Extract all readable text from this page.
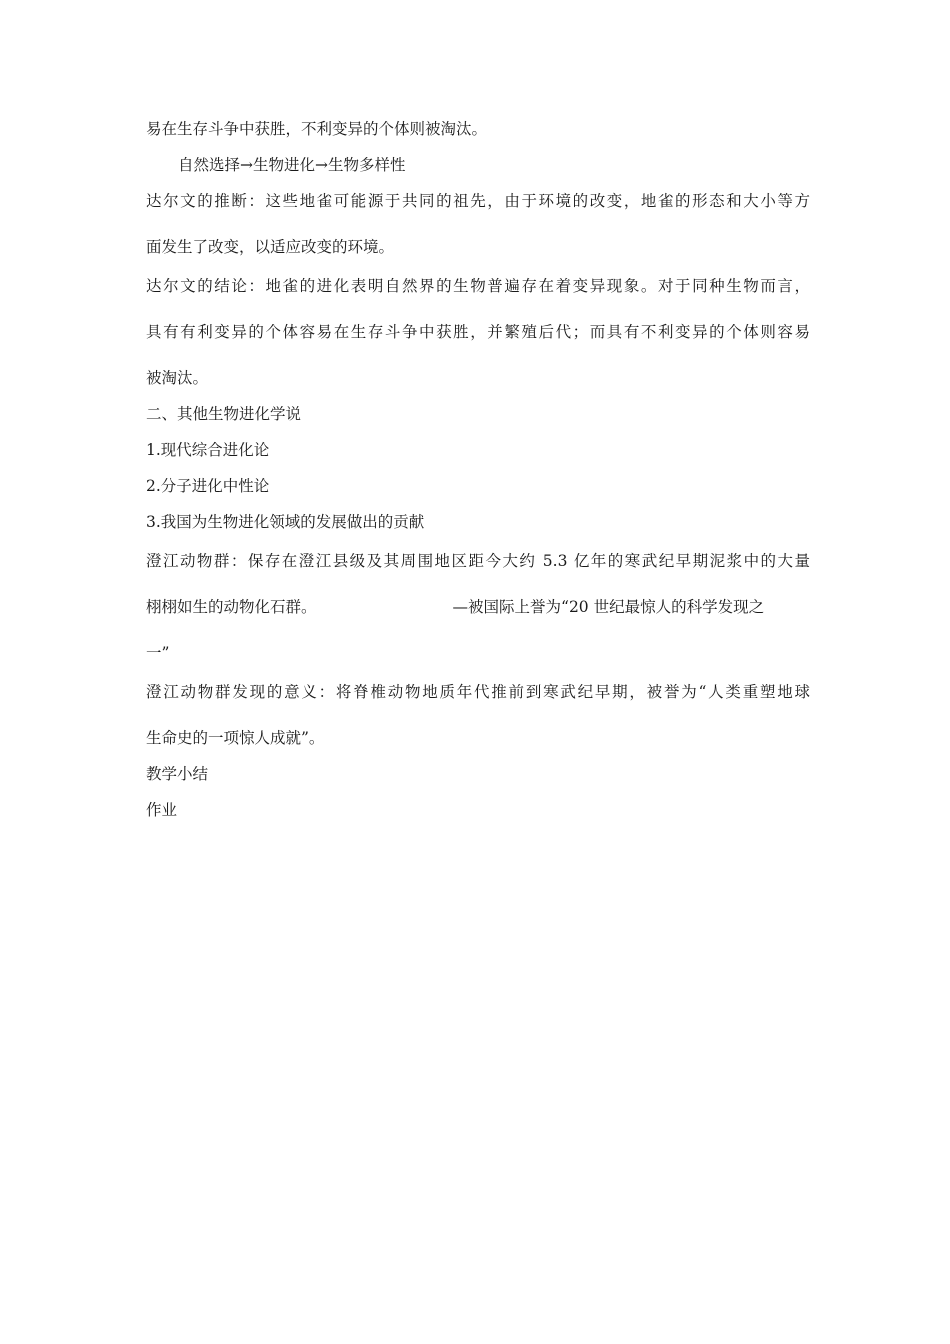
易在生存斗争中获胜，不利变异的个体则被淘汰。

自然选择→生物进化→生物多样性

达尔文的推断：这些地雀可能源于共同的祖先，由于环境的改变，地雀的形态和大小等方

面发生了改变，以适应改变的环境。

达尔文的结论：地雀的进化表明自然界的生物普遍存在着变异现象。对于同种生物而言，

具有有利变异的个体容易在生存斗争中获胜，并繁殖后代；而具有不利变异的个体则容易

被淘汰。

二、其他生物进化学说

1.现代综合进化论

2.分子进化中性论

3.我国为生物进化领域的发展做出的贡献

澄江动物群：保存在澄江县级及其周围地区距今大约 5.3 亿年的寒武纪早期泥浆中的大量

栩栩如生的动物化石群。	—被国际上誉为“20 世纪最惊人的科学发现之

一”

澄江动物群发现的意义：将脊椎动物地质年代推前到寒武纪早期，被誉为“人类重塑地球

生命史的一项惊人成就”。

教学小结

作业
